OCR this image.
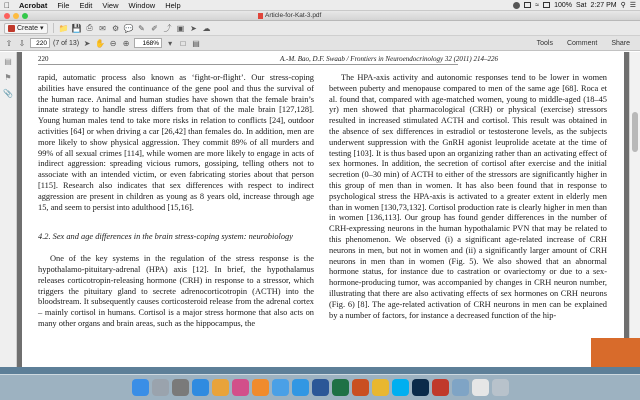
Acrobat	File	Edit	View	Window	Help	≈ 100% Sat 2:27 PM ⚲ ☰
Article-for-Kat-3.pdf
Create ▾ 📁 💾 ⎙ ✉ ⚙ 💬 ✎ ✐ ⤴ ▣ ➤ ☁
⇧ ⇩
220	(7 of 13) ➤ ✋ ⊖ ⊕
168%	▾	□ ▤	Tools Comment Share
▤
⚑
📎
220	A.-M. Bao, D.F. Swaab / Frontiers in Neuroendocrinology 32 (2011) 214–226

rapid, automatic process also known as ‘fight-or-flight’. Our stress-coping abilities have ensured the continuance of the gene pool and thus the survival of the human race. Animal and human studies have shown that the female brain’s innate strategy to handle stress differs from that of the male brain [127,128]. Young human males tend to take more risks in relation to conflicts [24], outdoor activities [64] or when driving a car [26,42] than females do. In addition, men are more likely to show physical aggression. They commit 89% of all murders and 99% of all sexual crimes [114], while women are more likely to engage in acts of indirect aggression: spreading vicious rumors, gossiping, telling others not to associate with an intended victim, or even fabricating stories about that person [115]. Research also indicates that sex differences with respect to indirect aggression are present in children as young as 8 years old, increase through age 15, and seem to persist into adulthood [15,16].

4.2. Sex and age differences in the brain stress-coping system: neurobiology

One of the key systems in the regulation of the stress response is the hypothalamo-pituitary-adrenal (HPA) axis [12]. In brief, the hypothalamus releases corticotropin-releasing hormone (CRH) in response to a stressor, which triggers the pituitary gland to secrete adrenocorticotropin (ACTH) into the bloodstream. It subsequently causes corticosteroid release from the adrenal cortex – mainly cortisol in humans. Cortisol is a major stress hormone that also acts on many other organs and brain areas, such as the hippocampus, the

The HPA-axis activity and autonomic responses tend to be lower in women between puberty and menopause compared to men of the same age [68]. Roca et al. found that, compared with age-matched women, young to middle-aged (18–45 yr) men showed that pharmacological (CRH) or physical (exercise) stressors resulted in increased stimulated ACTH and cortisol. This result was obtained in the absence of sex differences in estradiol or testosterone levels, as the subjects underwent suppression with the GnRH agonist leuprolide acetate at the time of testing [103]. It is thus based upon an organizing rather than an activating effect of sex hormones. In addition, the secretion of cortisol after exercise and the initial secretion (0–30 min) of ACTH to either of the stressors are significantly higher in this group of men than in women. It has also been found that in response to psychological stress the HPA-axis is activated to a greater extent in elderly men than in women [130,73,132]. Cortisol production rate is clearly higher in men than in women [136,113]. Our group has found gender differences in the number of CRH-expressing neurons in the human hypothalamic PVN that may be related to this phenomenon. We observed (i) a significant age-related increase of CRH neurons in men, but not in women and (ii) a significantly larger amount of CRH neurons in men than in women (Fig. 5). We also showed that an abnormal hormone status, for instance due to castration or ovariectomy or due to a sex-hormone-producing tumor, was accompanied by changes in CRH neuron number, illustrating that there are also activating effects of sex hormones on CRH neurons (Fig. 6) [8]. The age-related activation of CRH neurons in men can be explained by a number of factors, for instance a decreased function of the hip-
